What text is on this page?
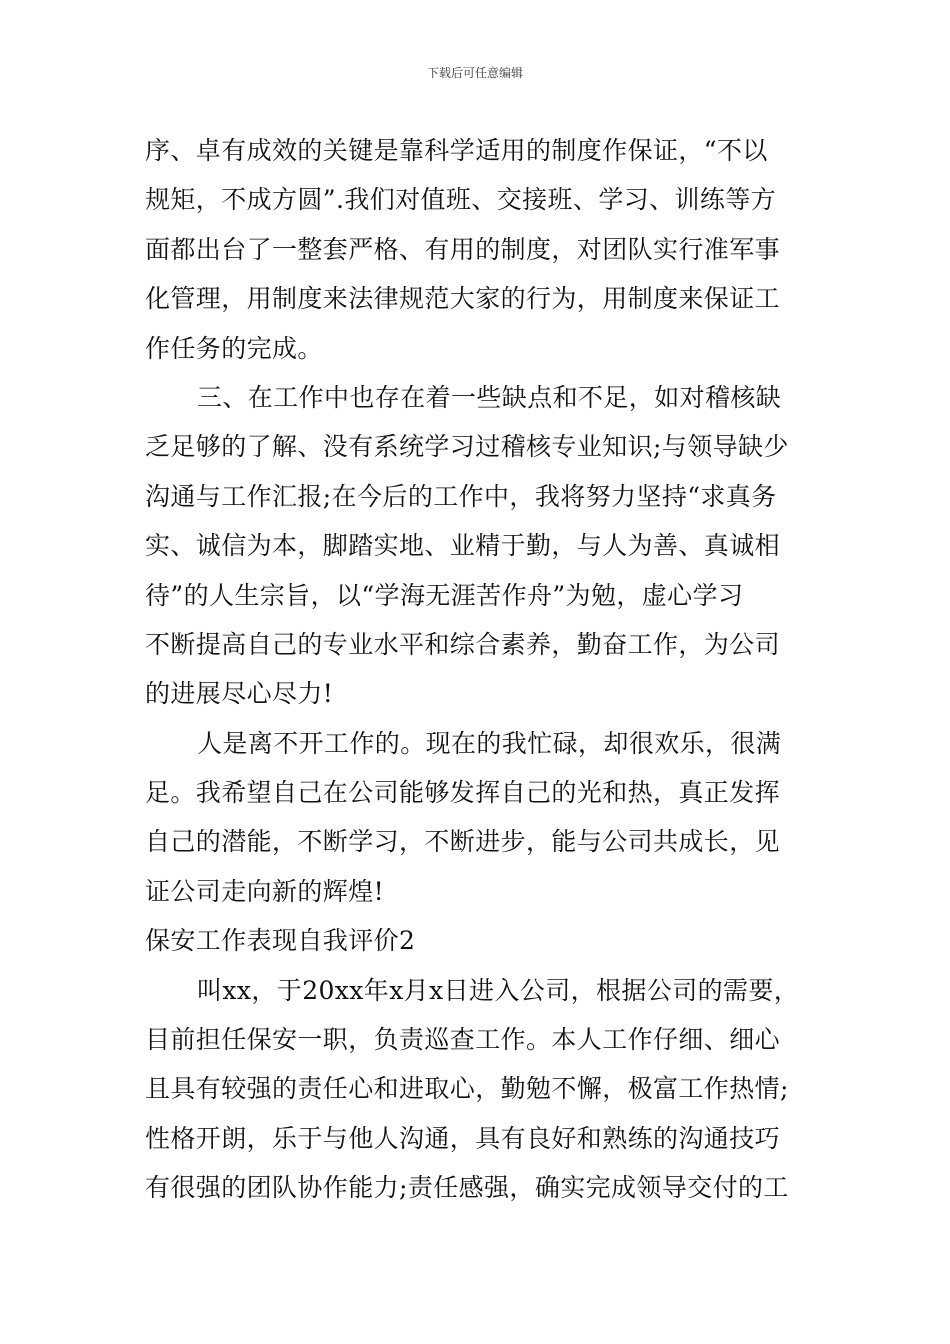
下载后可任意编辑
序、卓有成效的关键是靠科学适用的制度作保证，“不以
规矩，不成方圆”.我们对值班、交接班、学习、训练等方
面都出台了一整套严格、有用的制度，对团队实行准军事
化管理，用制度来法律规范大家的行为，用制度来保证工
作任务的完成。
三、在工作中也存在着一些缺点和不足，如对稽核缺
乏足够的了解、没有系统学习过稽核专业知识;与领导缺少
沟通与工作汇报;在今后的工作中，我将努力坚持“求真务
实、诚信为本，脚踏实地、业精于勤，与人为善、真诚相
待”的人生宗旨，以“学海无涯苦作舟”为勉，虚心学习
不断提高自己的专业水平和综合素养，勤奋工作，为公司
的进展尽心尽力!
人是离不开工作的。现在的我忙碌，却很欢乐，很满
足。我希望自己在公司能够发挥自己的光和热，真正发挥
自己的潜能，不断学习，不断进步，能与公司共成长，见
证公司走向新的辉煌!
保安工作表现自我评价2
叫xx，于20xx年x月x日进入公司，根据公司的需要，
目前担任保安一职，负责巡查工作。本人工作仔细、细心
且具有较强的责任心和进取心，勤勉不懈，极富工作热情;
性格开朗，乐于与他人沟通，具有良好和熟练的沟通技巧
有很强的团队协作能力;责任感强，确实完成领导交付的工
